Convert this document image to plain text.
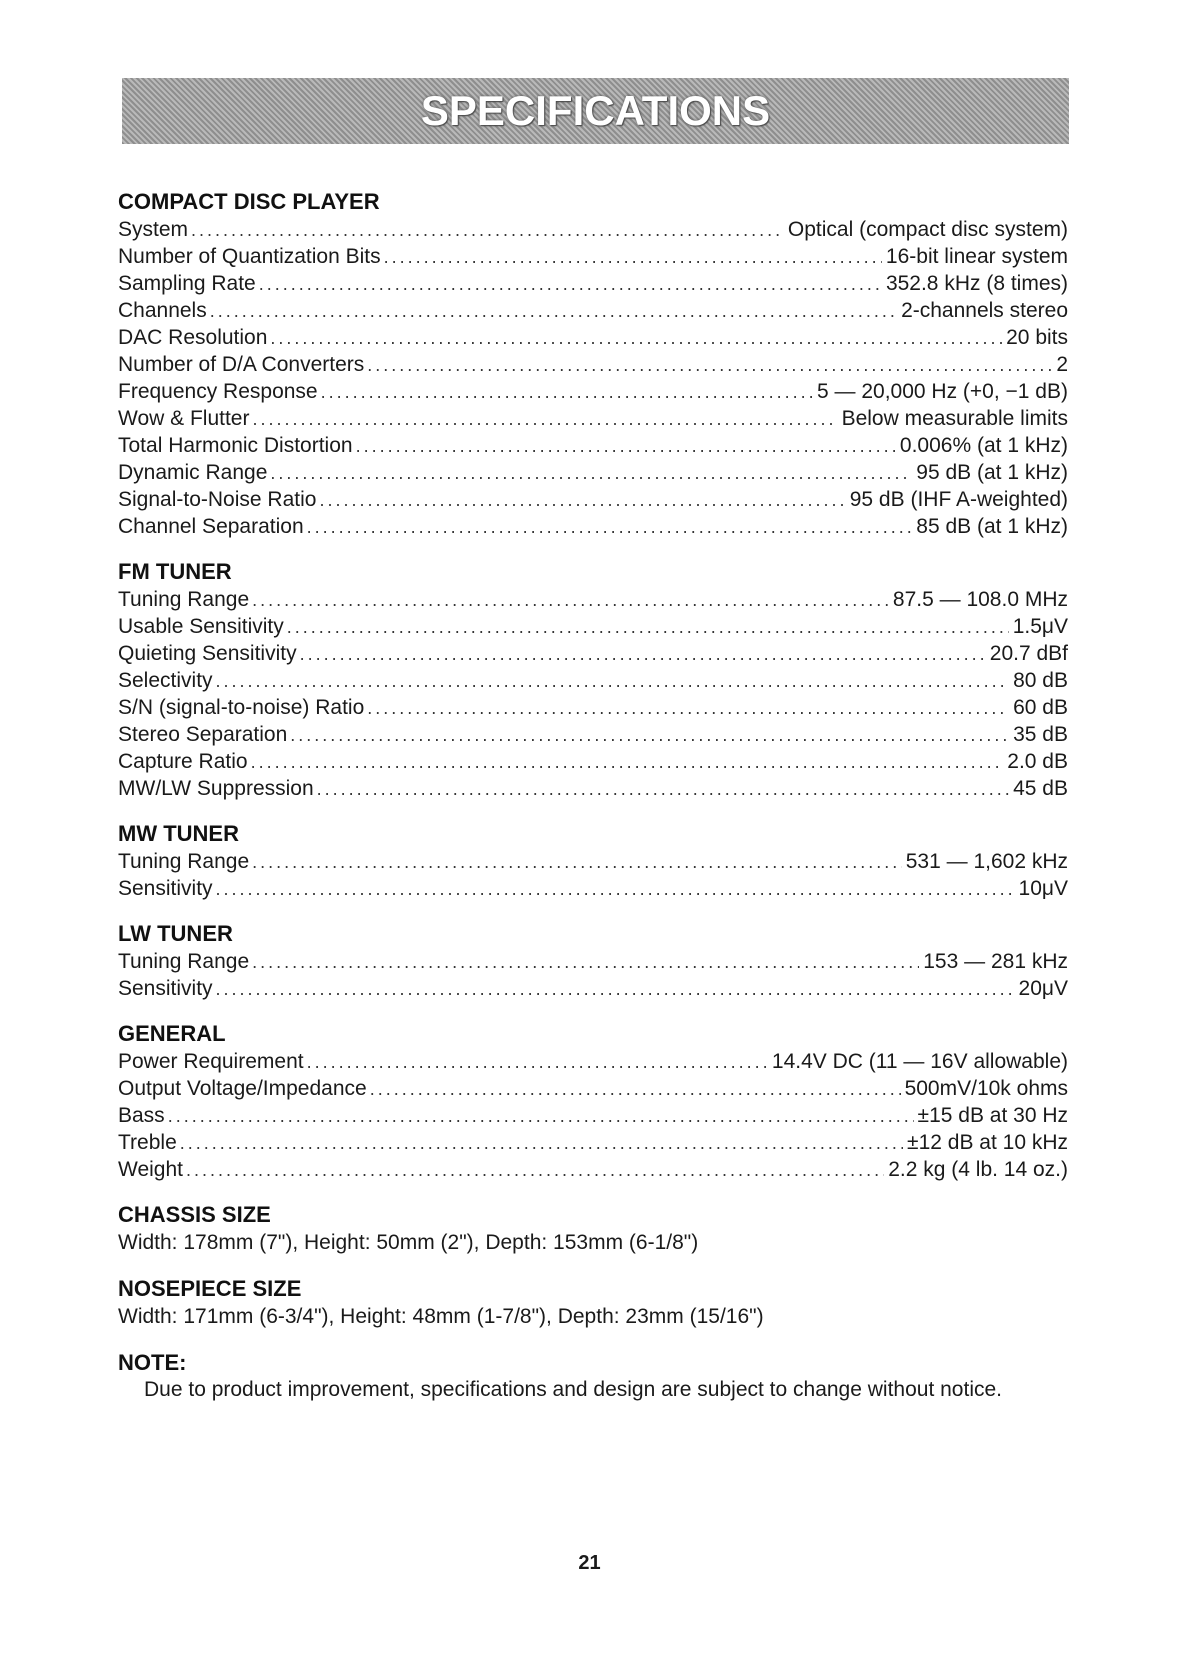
SPECIFICATIONS
COMPACT DISC PLAYER
System .....	Optical (compact disc system)
Number of Quantization Bits .....	16-bit linear system
Sampling Rate .....	352.8 kHz (8 times)
Channels .....	2-channels stereo
DAC Resolution .....	20 bits
Number of D/A Converters .....	2
Frequency Response .....	5 — 20,000 Hz (+0, −1 dB)
Wow & Flutter .....	Below measurable limits
Total Harmonic Distortion .....	0.006% (at 1 kHz)
Dynamic Range .....	95 dB (at 1 kHz)
Signal-to-Noise Ratio .....	95 dB (IHF A-weighted)
Channel Separation .....	85 dB (at 1 kHz)
FM TUNER
Tuning Range .....	87.5 — 108.0 MHz
Usable Sensitivity .....	1.5μV
Quieting Sensitivity .....	20.7 dBf
Selectivity .....	80 dB
S/N (signal-to-noise) Ratio .....	60 dB
Stereo Separation .....	35 dB
Capture Ratio .....	2.0 dB
MW/LW Suppression .....	45 dB
MW TUNER
Tuning Range .....	531 — 1,602 kHz
Sensitivity .....	10μV
LW TUNER
Tuning Range .....	153 — 281 kHz
Sensitivity .....	20μV
GENERAL
Power Requirement .....	14.4V DC (11 — 16V allowable)
Output Voltage/Impedance .....	500mV/10k ohms
Bass .....	±15 dB at 30 Hz
Treble .....	±12 dB at 10 kHz
Weight .....	2.2 kg (4 lb. 14 oz.)
CHASSIS SIZE
Width: 178mm (7"), Height: 50mm (2"), Depth: 153mm (6-1/8")
NOSEPIECE SIZE
Width: 171mm (6-3/4"), Height: 48mm (1-7/8"), Depth: 23mm (15/16")
NOTE:

Due to product improvement, specifications and design are subject to change without notice.

21
